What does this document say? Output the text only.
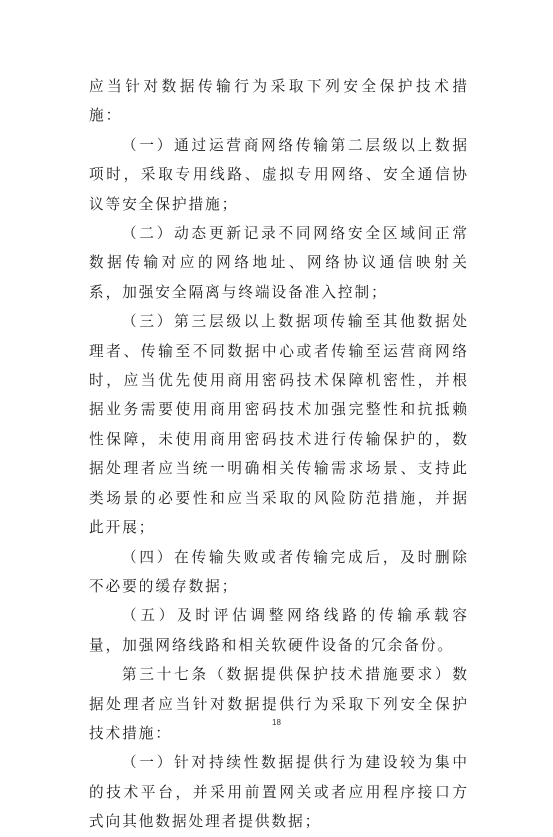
应当针对数据传输行为采取下列安全保护技术措施：

（一）通过运营商网络传输第二层级以上数据项时，采取专用线路、虚拟专用网络、安全通信协议等安全保护措施；

（二）动态更新记录不同网络安全区域间正常数据传输对应的网络地址、网络协议通信映射关系，加强安全隔离与终端设备准入控制；

（三）第三层级以上数据项传输至其他数据处理者、传输至不同数据中心或者传输至运营商网络时，应当优先使用商用密码技术保障机密性，并根据业务需要使用商用密码技术加强完整性和抗抵赖性保障，未使用商用密码技术进行传输保护的，数据处理者应当统一明确相关传输需求场景、支持此类场景的必要性和应当采取的风险防范措施，并据此开展；

（四）在传输失败或者传输完成后，及时删除不必要的缓存数据；

（五）及时评估调整网络线路的传输承载容量，加强网络线路和相关软硬件设备的冗余备份。

第三十七条（数据提供保护技术措施要求）数据处理者应当针对数据提供行为采取下列安全保护技术措施：

（一）针对持续性数据提供行为建设较为集中的技术平台，并采用前置网关或者应用程序接口方式向其他数据处理者提供数据；

18
